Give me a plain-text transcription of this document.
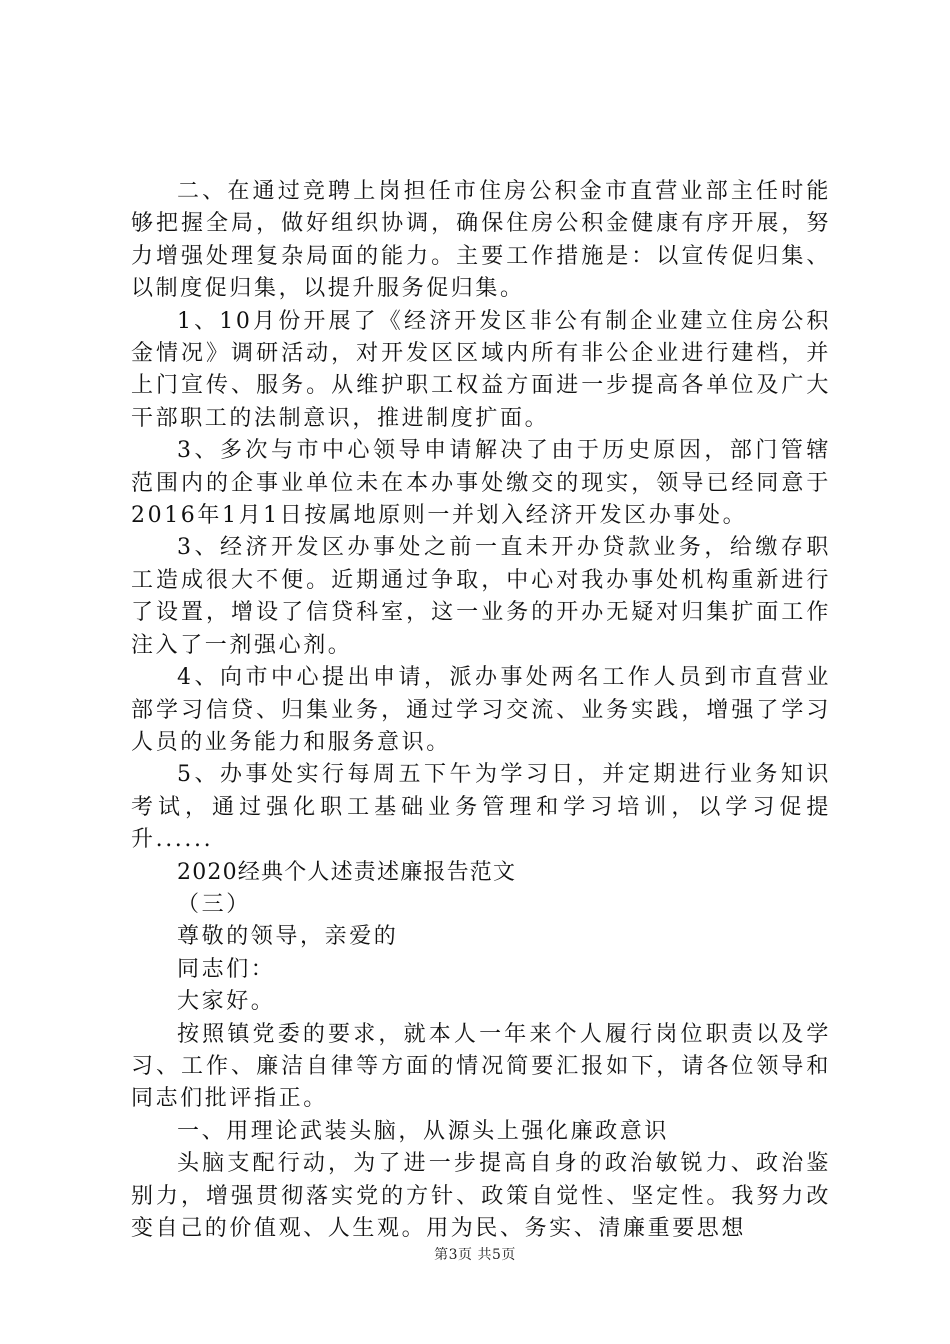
二、在通过竞聘上岗担任市住房公积金市直营业部主任时能够把握全局，做好组织协调，确保住房公积金健康有序开展，努力增强处理复杂局面的能力。主要工作措施是：以宣传促归集、以制度促归集，以提升服务促归集。

1、10月份开展了《经济开发区非公有制企业建立住房公积金情况》调研活动，对开发区区域内所有非公企业进行建档，并上门宣传、服务。从维护职工权益方面进一步提高各单位及广大干部职工的法制意识，推进制度扩面。

3、多次与市中心领导申请解决了由于历史原因，部门管辖范围内的企事业单位未在本办事处缴交的现实，领导已经同意于2016年1月1日按属地原则一并划入经济开发区办事处。

3、经济开发区办事处之前一直未开办贷款业务，给缴存职工造成很大不便。近期通过争取，中心对我办事处机构重新进行了设置，增设了信贷科室，这一业务的开办无疑对归集扩面工作注入了一剂强心剂。

4、向市中心提出申请，派办事处两名工作人员到市直营业部学习信贷、归集业务，通过学习交流、业务实践，增强了学习人员的业务能力和服务意识。

5、办事处实行每周五下午为学习日，并定期进行业务知识考试，通过强化职工基础业务管理和学习培训，以学习促提升......

2020经典个人述责述廉报告范文

（三）

尊敬的领导，亲爱的

同志们：

大家好。

按照镇党委的要求，就本人一年来个人履行岗位职责以及学习、工作、廉洁自律等方面的情况简要汇报如下，请各位领导和同志们批评指正。

一、用理论武装头脑，从源头上强化廉政意识

头脑支配行动，为了进一步提高自身的政治敏锐力、政治鉴别力，增强贯彻落实党的方针、政策自觉性、坚定性。我努力改变自己的价值观、人生观。用为民、务实、清廉重要思想

第3页 共5页
